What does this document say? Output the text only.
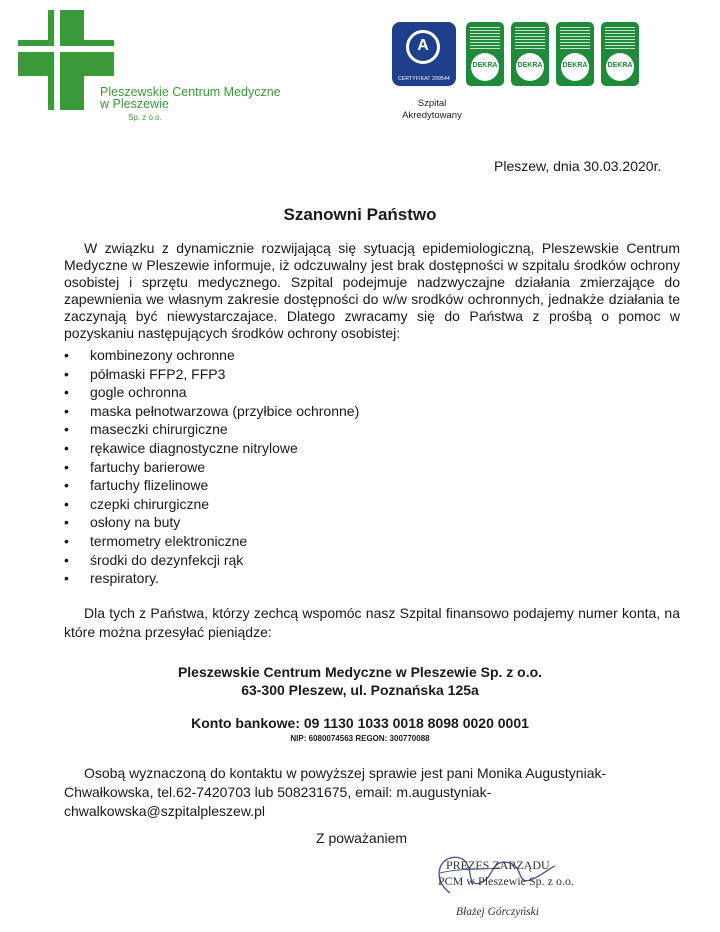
Pleszewskie Centrum Medyczne
w Pleszewie
Sp. z o.o.
A
CERTYFIKAT 299544
DEKRA	DEKRA	DEKRA	DEKRA
Szpital
Akredytowany
Pleszew, dnia 30.03.2020r.
Szanowni Państwo
W związku z dynamicznie rozwijającą się sytuacją epidemiologiczną, Pleszewskie Centrum Medyczne w Pleszewie informuje, iż odczuwalny jest brak dostępności w szpitalu środków ochrony osobistej i sprzętu medycznego. Szpital podejmuje nadzwyczajne działania zmierzające do zapewnienia we własnym zakresie dostępności do w/w srodków ochronnych, jednakże działania te zaczynają być niewystarczajace. Dlatego zwracamy się do Państwa z prośbą o pomoc w pozyskaniu następujących środków ochrony osobistej:
• kombinezony ochronne
• półmaski FFP2, FFP3
• gogle ochronna
• maska pełnotwarzowa (przyłbice ochronne)
• maseczki chirurgiczne
• rękawice diagnostyczne nitrylowe
• fartuchy barierowe
• fartuchy flizelinowe
• czepki chirurgiczne
• osłony na buty
• termometry elektroniczne
• środki do dezynfekcji rąk
• respiratory.
Dla tych z Państwa, którzy zechcą wspomóc nasz Szpital finansowo podajemy numer konta, na które można przesyłać pieniądze:
Pleszewskie Centrum Medyczne w Pleszewie Sp. z o.o.
63-300 Pleszew, ul. Poznańska 125a
Konto bankowe: 09 1130 1033 0018 8098 0020 0001
NIP: 6080074563 REGON: 300770088
Osobą wyznaczoną do kontaktu w powyższej sprawie jest pani Monika Augustyniak-Chwałkowska, tel.62-7420703 lub 508231675, email: m.augustyniak-chwalkowska@szpitalpleszew.pl
Z poważaniem
PREZES ZARZĄDU
PCM w Pleszewie Sp. z o.o.
Błażej Górczyński
